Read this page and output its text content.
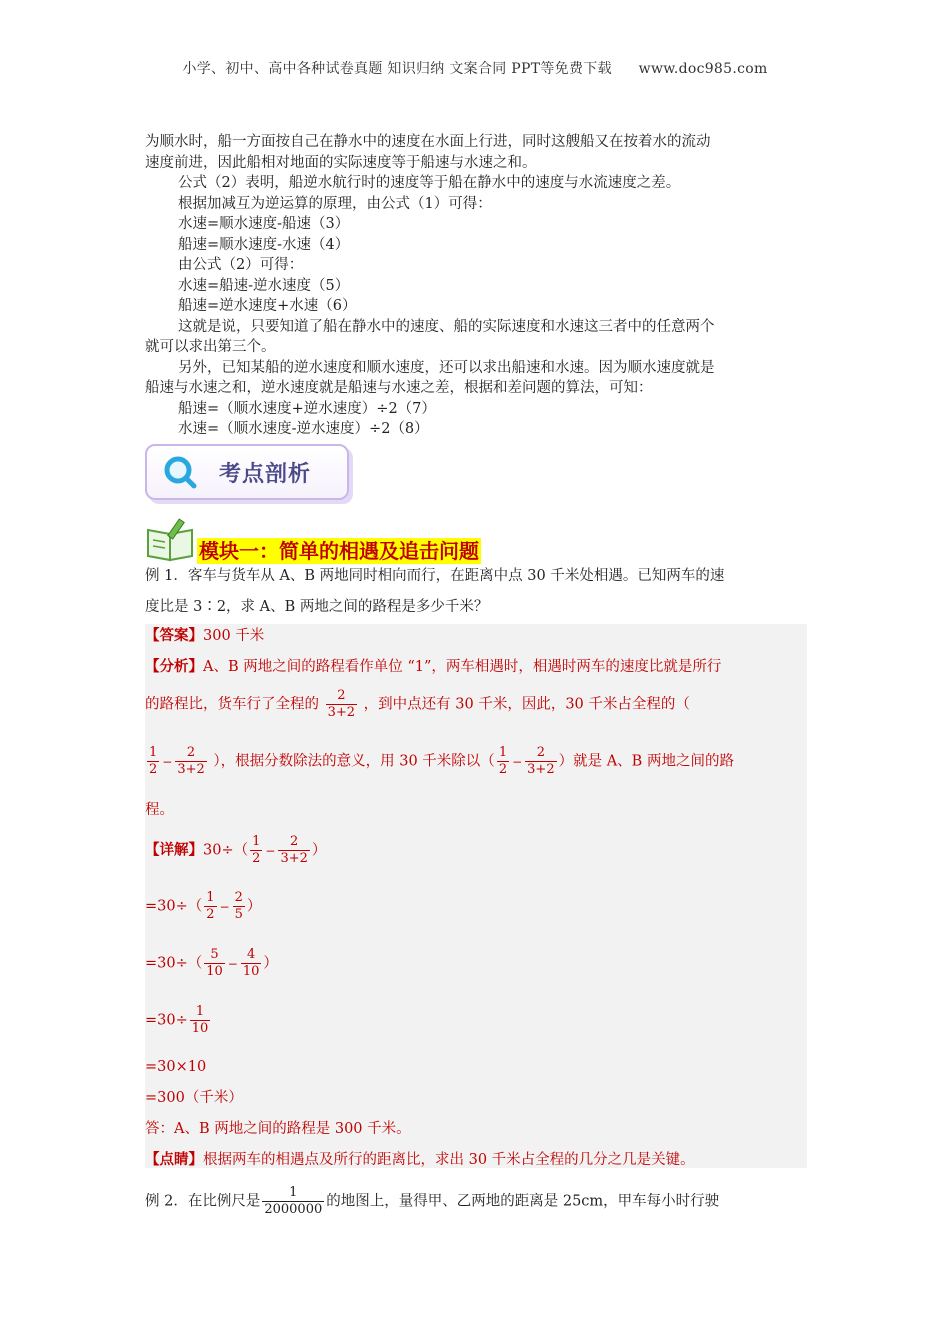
小学、初中、高中各种试卷真题 知识归纳 文案合同 PPT等免费下载 www.doc985.com
为顺水时，船一方面按自己在静水中的速度在水面上行进，同时这艘船又在按着水的流动
速度前进，因此船相对地面的实际速度等于船速与水速之和。
公式（2）表明，船逆水航行时的速度等于船在静水中的速度与水流速度之差。
根据加减互为逆运算的原理，由公式（1）可得：
水速=顺水速度-船速（3）
船速=顺水速度-水速（4）
由公式（2）可得：
水速=船速-逆水速度（5）
船速=逆水速度+水速（6）
这就是说，只要知道了船在静水中的速度、船的实际速度和水速这三者中的任意两个
就可以求出第三个。
另外，已知某船的逆水速度和顺水速度，还可以求出船速和水速。因为顺水速度就是
船速与水速之和，逆水速度就是船速与水速之差，根据和差问题的算法，可知：
船速=（顺水速度+逆水速度）÷2（7）
水速=（顺水速度-逆水速度）÷2（8）
考点剖析
模块一：简单的相遇及追击问题
例 1．客车与货车从 A、B 两地同时相向而行，在距离中点 30 千米处相遇。已知两车的速
度比是 3∶2，求 A、B 两地之间的路程是多少千米？
【答案】300 千米
【分析】A、B 两地之间的路程看作单位 “1”，两车相遇时，相遇时两车的速度比就是所行
的路程比，货车行了全程的 $\frac{2}{3+2}$ ，到中点还有 30 千米，因此，30 千米占全程的（
$\frac{1}{2} - \frac{2}{3+2}$ ），根据分数除法的意义，用 30 千米除以（ $\frac{1}{2} - \frac{2}{3+2}$ ）就是 A、B 两地之间的路
程。
【详解】$30\div( \frac{1}{2} - \frac{2}{3+2}$ ）
$=30\div( \frac{1}{2} - \frac{2}{5}$ ）
$=30\div( \frac{5}{10} - \frac{4}{10}$ ）
$=30\div \frac{1}{10}$
=30×10
=300（千米）
答：A、B 两地之间的路程是 300 千米。
【点睛】根据两车的相遇点及所行的距离比，求出 30 千米占全程的几分之几是关键。
例 2．在比例尺是 $\frac{1}{2000000}$ 的地图上，量得甲、乙两地的距离是 25cm，甲车每小时行驶
